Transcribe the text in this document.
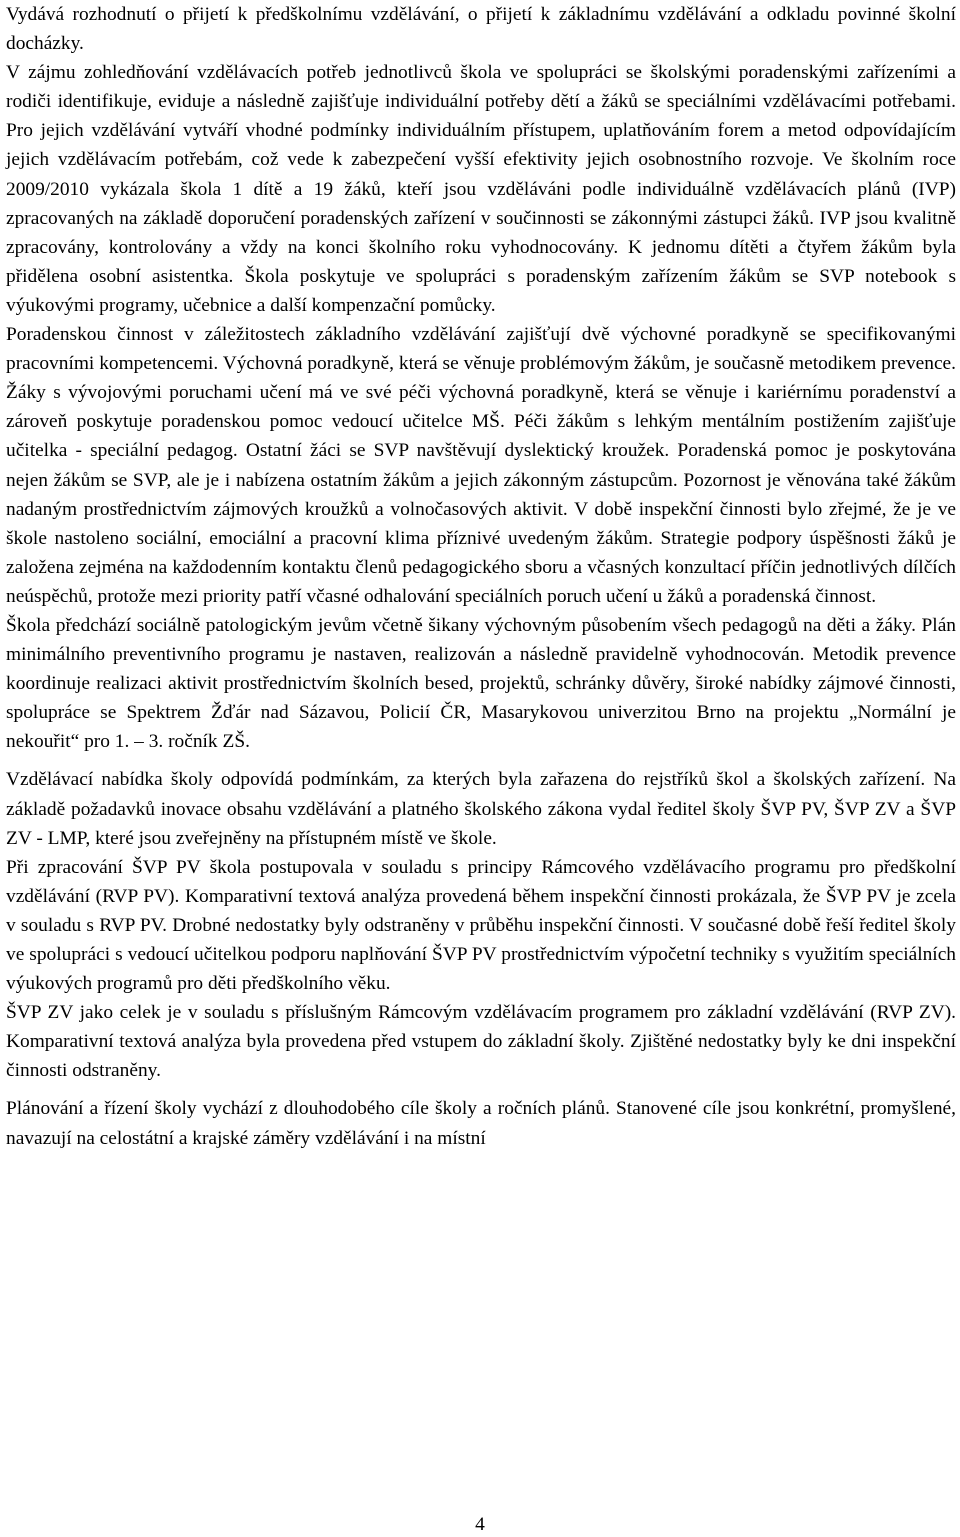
Vydává rozhodnutí o přijetí k předškolnímu vzdělávání, o přijetí k základnímu vzdělávání a odkladu povinné školní docházky.

V zájmu zohledňování vzdělávacích potřeb jednotlivců škola ve spolupráci se školskými poradenskými zařízeními a rodiči identifikuje, eviduje a následně zajišťuje individuální potřeby dětí a žáků se speciálními vzdělávacími potřebami. Pro jejich vzdělávání vytváří vhodné podmínky individuálním přístupem, uplatňováním forem a metod odpovídajícím jejich vzdělávacím potřebám, což vede k zabezpečení vyšší efektivity jejich osobnostního rozvoje. Ve školním roce 2009/2010 vykázala škola 1 dítě a 19 žáků, kteří jsou vzděláváni podle individuálně vzdělávacích plánů (IVP) zpracovaných na základě doporučení poradenských zařízení v součinnosti se zákonnými zástupci žáků. IVP jsou kvalitně zpracovány, kontrolovány a vždy na konci školního roku vyhodnocovány. K jednomu dítěti a čtyřem žákům byla přidělena osobní asistentka. Škola poskytuje ve spolupráci s poradenským zařízením žákům se SVP notebook s výukovými programy, učebnice a další kompenzační pomůcky.

Poradenskou činnost v záležitostech základního vzdělávání zajišťují dvě výchovné poradkyně se specifikovanými pracovními kompetencemi. Výchovná poradkyně, která se věnuje problémovým žákům, je současně metodikem prevence. Žáky s vývojovými poruchami učení má ve své péči výchovná poradkyně, která se věnuje i kariérnímu poradenství a zároveň poskytuje poradenskou pomoc vedoucí učitelce MŠ. Péči žákům s lehkým mentálním postižením zajišťuje učitelka - speciální pedagog. Ostatní žáci se SVP navštěvují dyslektický kroužek. Poradenská pomoc je poskytována nejen žákům se SVP, ale je i nabízena ostatním žákům a jejich zákonným zástupcům. Pozornost je věnována také žákům nadaným prostřednictvím zájmových kroužků a volnočasových aktivit. V době inspekční činnosti bylo zřejmé, že je ve škole nastoleno sociální, emociální a pracovní klima příznivé uvedeným žákům. Strategie podpory úspěšnosti žáků je založena zejména na každodenním kontaktu členů pedagogického sboru a včasných konzultací příčin jednotlivých dílčích neúspěchů, protože mezi priority patří včasné odhalování speciálních poruch učení u žáků a poradenská činnost.

Škola předchází sociálně patologickým jevům včetně šikany výchovným působením všech pedagogů na děti a žáky. Plán minimálního preventivního programu je nastaven, realizován a následně pravidelně vyhodnocován. Metodik prevence koordinuje realizaci aktivit prostřednictvím školních besed, projektů, schránky důvěry, široké nabídky zájmové činnosti, spolupráce se Spektrem Žďár nad Sázavou, Policií ČR, Masarykovou univerzitou Brno na projektu „Normální je nekouřit“ pro 1. – 3. ročník ZŠ.

Vzdělávací nabídka školy odpovídá podmínkám, za kterých byla zařazena do rejstříků škol a školských zařízení. Na základě požadavků inovace obsahu vzdělávání a platného školského zákona vydal ředitel školy ŠVP PV, ŠVP ZV a ŠVP ZV - LMP, které jsou zveřejněny na přístupném místě ve škole.

Při zpracování ŠVP PV škola postupovala v souladu s principy Rámcového vzdělávacího programu pro předškolní vzdělávání (RVP PV). Komparativní textová analýza provedená během inspekční činnosti prokázala, že ŠVP PV je zcela v souladu s RVP PV. Drobné nedostatky byly odstraněny v průběhu inspekční činnosti. V současné době řeší ředitel školy ve spolupráci s vedoucí učitelkou podporu naplňování ŠVP PV prostřednictvím výpočetní techniky s využitím speciálních výukových programů pro děti předškolního věku.

ŠVP ZV jako celek je v souladu s příslušným Rámcovým vzdělávacím programem pro základní vzdělávání (RVP ZV). Komparativní textová analýza byla provedena před vstupem do základní školy. Zjištěné nedostatky byly ke dni inspekční činnosti odstraněny.

Plánování a řízení školy vychází z dlouhodobého cíle školy a ročních plánů. Stanovené cíle jsou konkrétní, promyšlené, navazují na celostátní a krajské záměry vzdělávání i na místní

4
